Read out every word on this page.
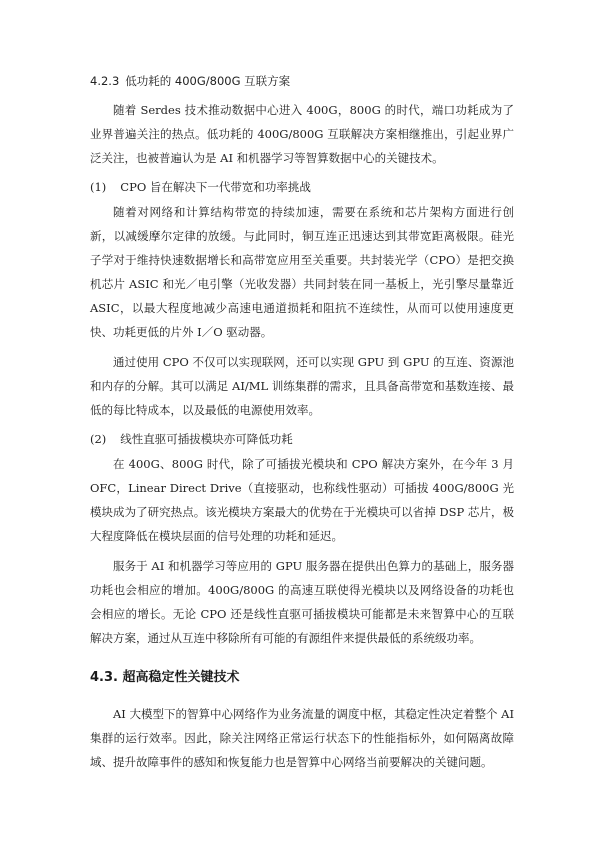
4.2.3 低功耗的 400G/800G 互联方案

随着 Serdes 技术推动数据中心进入 400G，800G 的时代，端口功耗成为了业界普遍关注的热点。低功耗的 400G/800G 互联解决方案相继推出，引起业界广泛关注，也被普遍认为是 AI 和机器学习等智算数据中心的关键技术。

(1) CPO 旨在解决下一代带宽和功率挑战

随着对网络和计算结构带宽的持续加速，需要在系统和芯片架构方面进行创新，以减缓摩尔定律的放缓。与此同时，铜互连正迅速达到其带宽距离极限。硅光子学对于维持快速数据增长和高带宽应用至关重要。共封装光学（CPO）是把交换机芯片 ASIC 和光／电引擎（光收发器）共同封装在同一基板上，光引擎尽量靠近 ASIC，以最大程度地减少高速电通道损耗和阻抗不连续性，从而可以使用速度更快、功耗更低的片外 I／O 驱动器。

通过使用 CPO 不仅可以实现联网，还可以实现 GPU 到 GPU 的互连、资源池和内存的分解。其可以满足 AI/ML 训练集群的需求，且具备高带宽和基数连接、最低的每比特成本，以及最低的电源使用效率。

(2) 线性直驱可插拔模块亦可降低功耗

在 400G、800G 时代，除了可插拔光模块和 CPO 解决方案外，在今年 3 月 OFC，Linear Direct Drive（直接驱动，也称线性驱动）可插拔 400G/800G 光模块成为了研究热点。该光模块方案最大的优势在于光模块可以省掉 DSP 芯片，极大程度降低在模块层面的信号处理的功耗和延迟。

服务于 AI 和机器学习等应用的 GPU 服务器在提供出色算力的基础上，服务器功耗也会相应的增加。400G/800G 的高速互联使得光模块以及网络设备的功耗也会相应的增长。无论 CPO 还是线性直驱可插拔模块可能都是未来智算中心的互联解决方案，通过从互连中移除所有可能的有源组件来提供最低的系统级功率。

4.3. 超高稳定性关键技术

AI 大模型下的智算中心网络作为业务流量的调度中枢，其稳定性决定着整个 AI 集群的运行效率。因此，除关注网络正常运行状态下的性能指标外，如何隔离故障域、提升故障事件的感知和恢复能力也是智算中心网络当前要解决的关键问题。
